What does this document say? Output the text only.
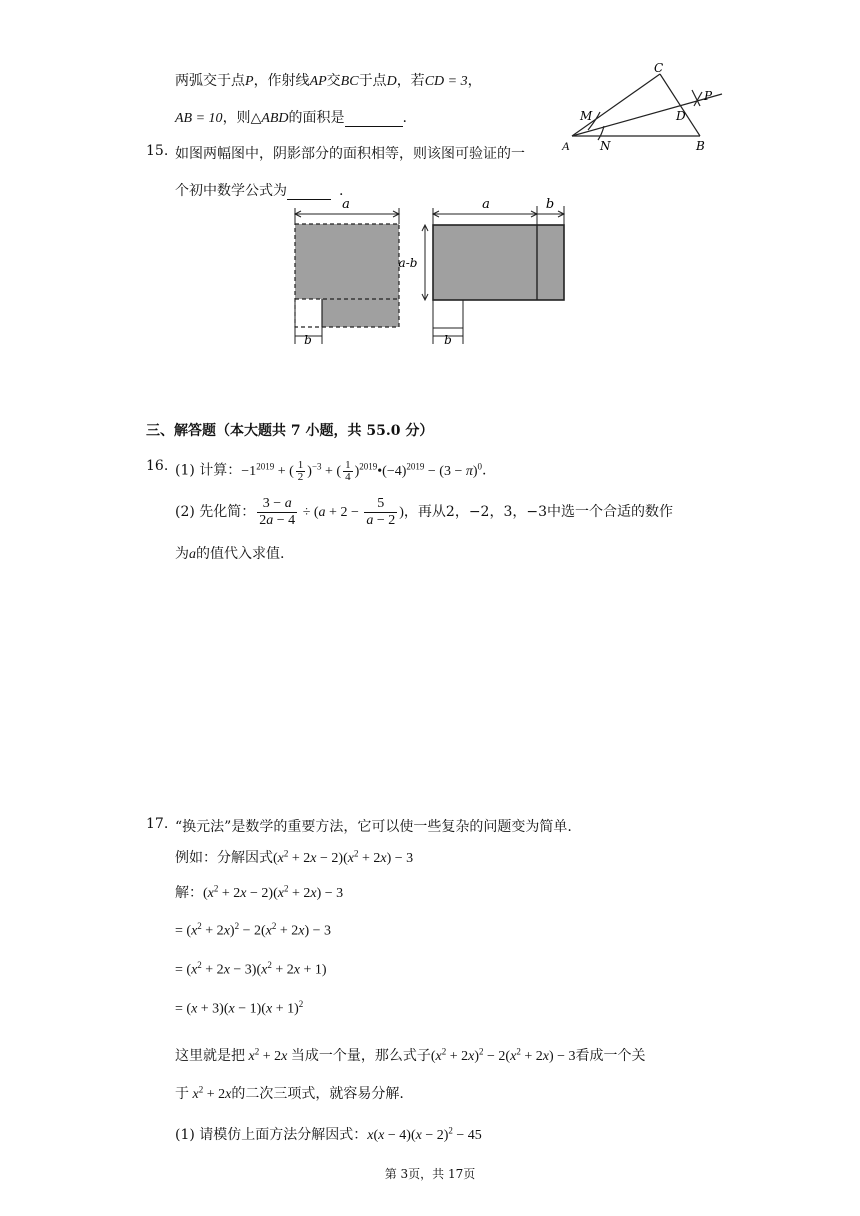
两弧交于点P，作射线AP交BC于点D，若CD = 3，
AB = 10，则△ABD的面积是	.
A	B
C
D
M
N
P
15. 如图两幅图中，阴影部分的面积相等，则该图可验证的一
个初中数学公式为	.
a
b
a	b
a-b
b
三、解答题（本大题共 7 小题，共 55.0 分）
16. (1) 计算：$-1^{2019}$ + ( $\frac{1}{2} )^{-3}$ + ( $\frac{1}{4}$ )$^{2019}•(-4)^{2019} - (3 - \pi)^0$.
(2) 先化简： $\frac{3 - a}{2a - 4} \div (a + 2 - \frac{5}{a - 2}$ )，再从2，−2，3，−3中选一个合适的数作
为a的值代入求值.
17. “换元法”是数学的重要方法，它可以使一些复杂的问题变为简单.
例如：分解因式$(x^2 + 2x - 2)(x^2 + 2x) - 3$
解：$(x^2 + 2x - 2)(x^2 + 2x) - 3$
= $(x^2 + 2x)^2 - 2(x^2 + 2x) - 3$
= $(x^2 + 2x - 3)(x^2 + 2x + 1)$
= $(x + 3)(x - 1)(x + 1)^2$
这里就是把 $x^2 + 2x$ 当成一个量，那么式子$(x^2 + 2x)^2 - 2(x^2 + 2x) - 3$看成一个关
于 $x^2 + 2x$的二次三项式，就容易分解.
(1) 请模仿上面方法分解因式：$x(x - 4)(x - 2)^2 - 45$
第 3页，共 17页
